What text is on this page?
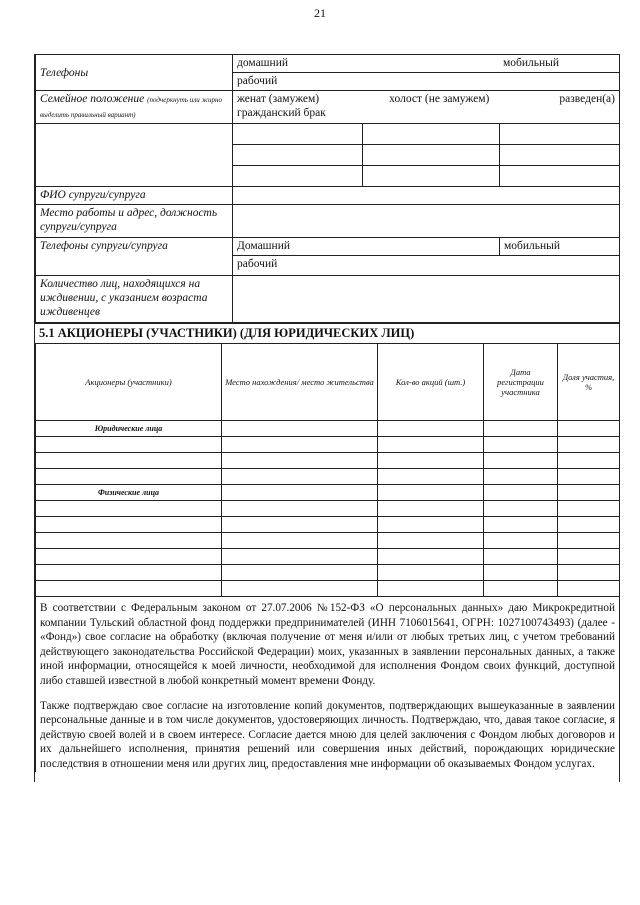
21
Телефоны	домашний мобильный		

	рабочий		
Семейное положение (подчеркнуть или жирно выделить правильный вариант)	женат (замужем) холост (не замужем) разведен(а)
гражданский брак		

ФИО супруги/супруга			
Место работы и адрес, должность супруги/супруга			
Телефоны супруги/супруга	Домашний		мобильный
	рабочий		
Количество лиц, находящихся на иждивении, с указанием возраста иждивенцев			
5.1 АКЦИОНЕРЫ (УЧАСТНИКИ) (ДЛЯ ЮРИДИЧЕСКИХ ЛИЦ)
Акционеры (участники)	Место нахождения/ место жительства	Кол-во акций (шт.)	Дата регистрации участника	Доля участия, %
Юридические лица				

Физические лица				

В соответствии с Федеральным законом от 27.07.2006 №152-ФЗ «О персональных данных» даю Микрокредитной компании Тульский областной фонд поддержки предпринимателей (ИНН 7106015641, ОГРН: 1027100743493) (далее - «Фонд») свое согласие на обработку (включая получение от меня и/или от любых третьих лиц, с учетом требований действующего законодательства Российской Федерации) моих, указанных в заявлении персональных данных, а также иной информации, относящейся к моей личности, необходимой для исполнения Фондом своих функций, доступной либо ставшей известной в любой конкретный момент времени Фонду.

Также подтверждаю свое согласие на изготовление копий документов, подтверждающих вышеуказанные в заявлении персональные данные и в том числе документов, удостоверяющих личность. Подтверждаю, что, давая такое согласие, я действую своей волей и в своем интересе. Согласие дается мною для целей заключения с Фондом любых договоров и их дальнейшего исполнения, принятия решений или совершения иных действий, порождающих юридические последствия в отношении меня или других лиц, предоставления мне информации об оказываемых Фондом услугах.
